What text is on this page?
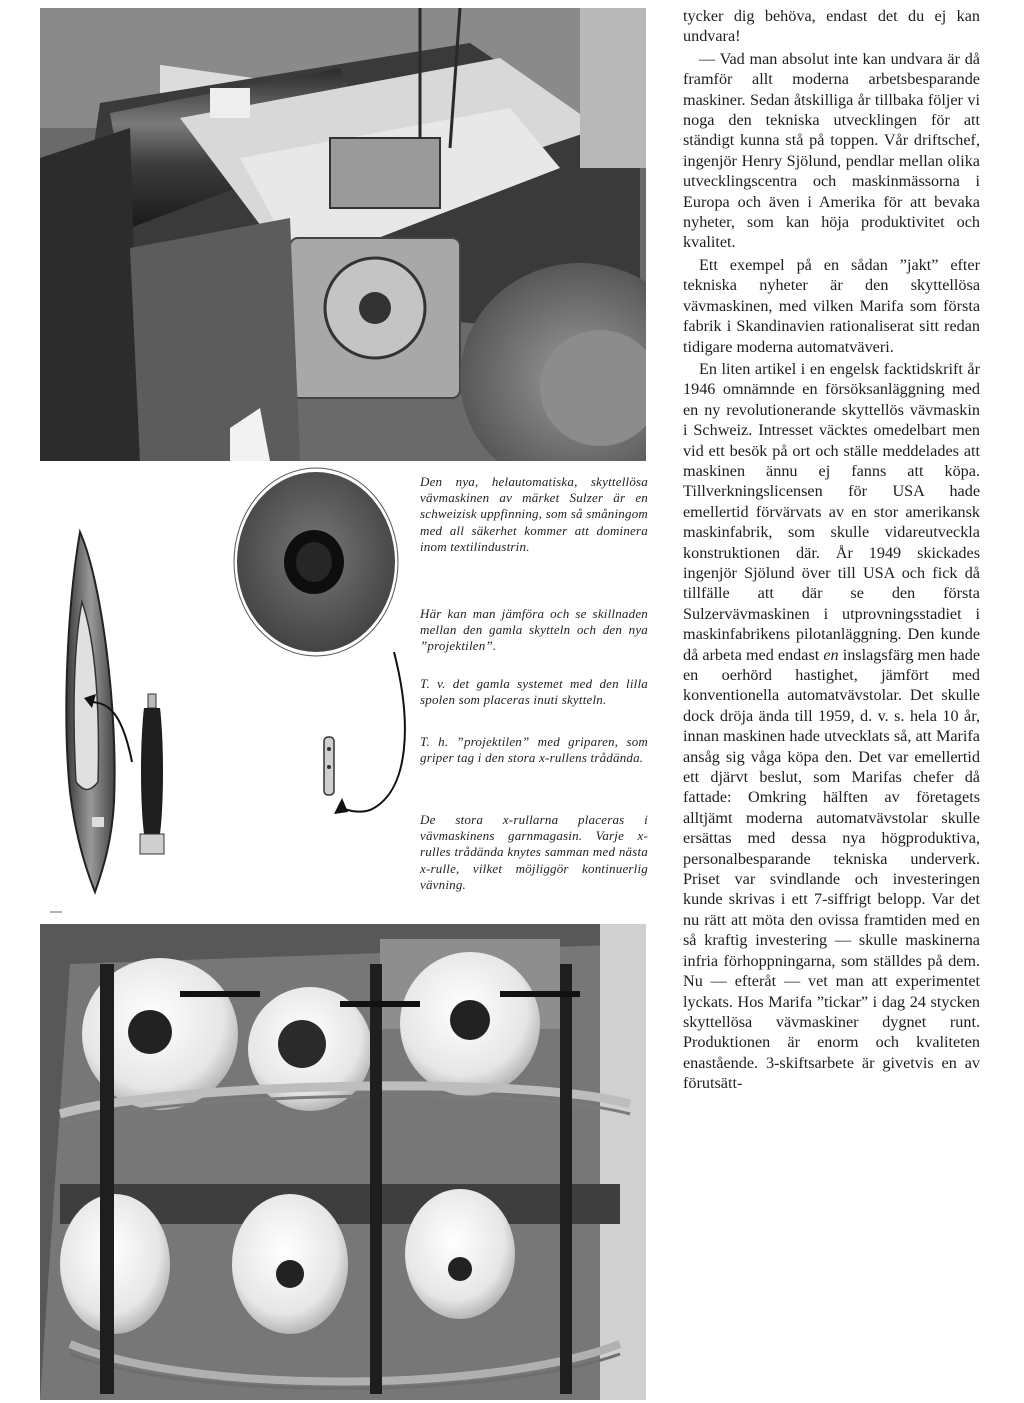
Den nya, helautomatiska, skyttellösa vävmaskinen av märket Sulzer är en schweizisk uppfinning, som så småningom med all säkerhet kommer att dominera inom textilindustrin.
Här kan man jämföra och se skillnaden mellan den gamla skytteln och den nya ”projektilen”.
T. v. det gamla systemet med den lilla spolen som placeras inuti skytteln.
T. h. ”projektilen” med griparen, som griper tag i den stora x-rullens trådända.
De stora x-rullarna placeras i vävmaskinens garnmagasin. Varje x-rulles trådända knytes samman med nästa x-rulle, vilket möjliggör kontinuerlig vävning.

tycker dig behöva, endast det du ej kan undvara!

— Vad man absolut inte kan undvara är då framför allt moderna arbetsbesparande maskiner. Sedan åtskilliga år tillbaka följer vi noga den tekniska utvecklingen för att ständigt kunna stå på toppen. Vår driftschef, ingenjör Henry Sjölund, pendlar mellan olika utvecklingscentra och maskinmässorna i Europa och även i Amerika för att bevaka nyheter, som kan höja produktivitet och kvalitet.

Ett exempel på en sådan ”jakt” efter tekniska nyheter är den skyttellösa vävmaskinen, med vilken Marifa som första fabrik i Skandinavien rationaliserat sitt redan tidigare moderna automatväveri.

En liten artikel i en engelsk facktidskrift år 1946 omnämnde en försöksanläggning med en ny revolutionerande skyttellös vävmaskin i Schweiz. Intresset väcktes omedelbart men vid ett besök på ort och ställe meddelades att maskinen ännu ej fanns att köpa. Tillverkningslicensen för USA hade emellertid förvärvats av en stor amerikansk maskinfabrik, som skulle vidareutveckla konstruktionen där. År 1949 skickades ingenjör Sjölund över till USA och fick då tillfälle att där se den första Sulzervävmaskinen i utprovningsstadiet i maskinfabrikens pilotanläggning. Den kunde då arbeta med endast en inslagsfärg men hade en oerhörd hastighet, jämfört med konventionella automatvävstolar. Det skulle dock dröja ända till 1959, d. v. s. hela 10 år, innan maskinen hade utvecklats så, att Marifa ansåg sig våga köpa den. Det var emellertid ett djärvt beslut, som Marifas chefer då fattade: Omkring hälften av företagets alltjämt moderna automatvävstolar skulle ersättas med dessa nya högproduktiva, personalbesparande tekniska underverk. Priset var svindlande och investeringen kunde skrivas i ett 7-siffrigt belopp. Var det nu rätt att möta den ovissa framtiden med en så kraftig investering — skulle maskinerna infria förhoppningarna, som ställdes på dem. Nu — efteråt — vet man att experimentet lyckats. Hos Marifa ”tickar” i dag 24 stycken skyttellösa vävmaskiner dygnet runt. Produktionen är enorm och kvaliteten enastående. 3-skiftsarbete är givetvis en av förutsätt-
